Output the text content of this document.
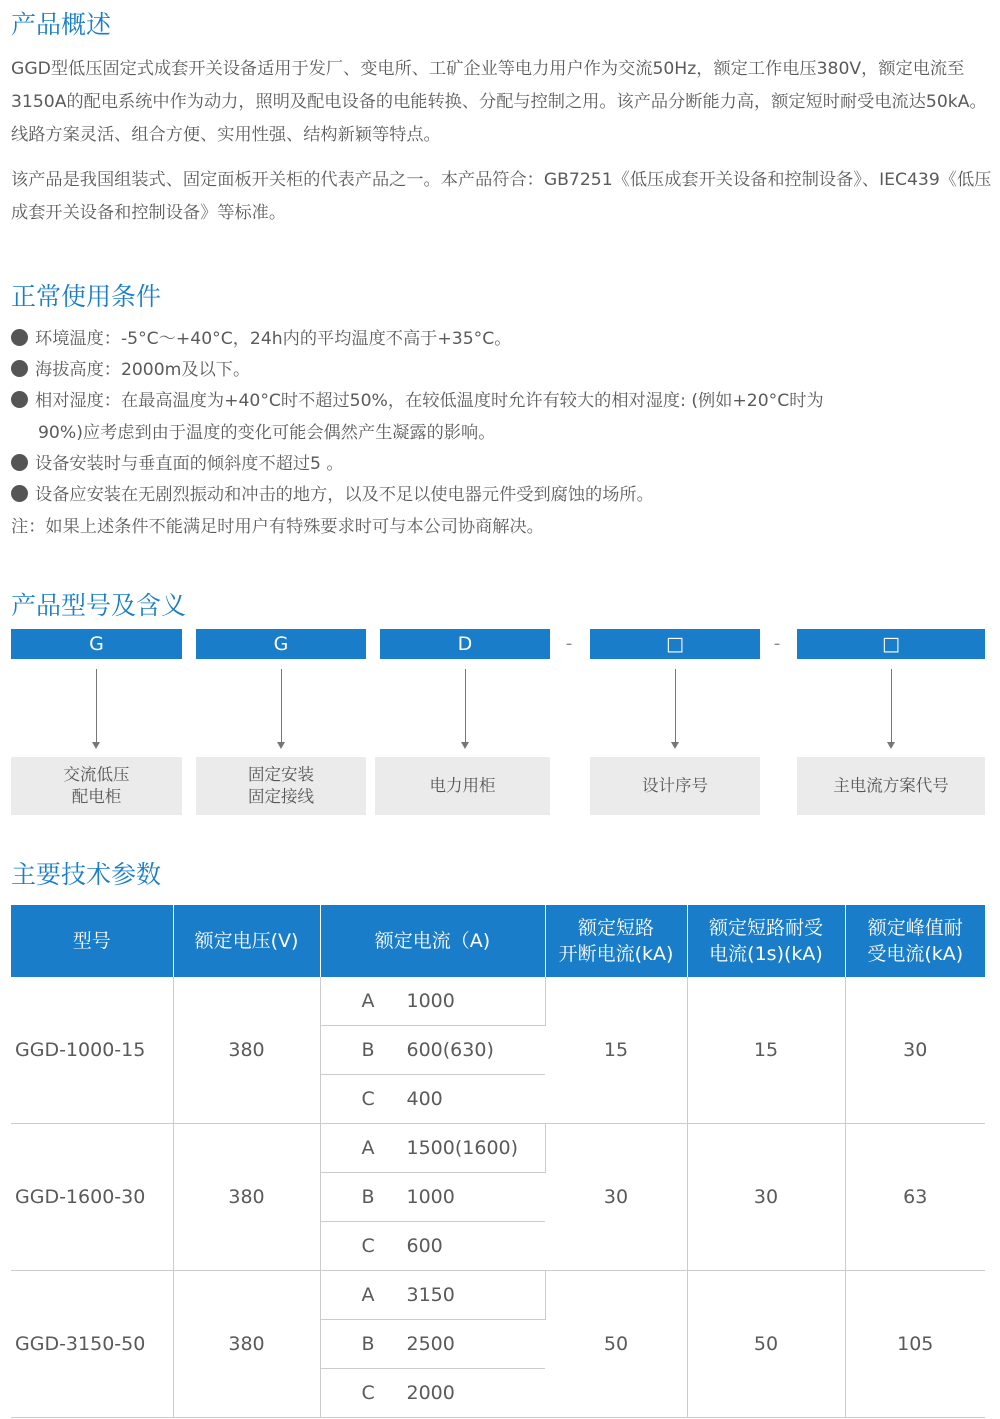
产品概述

GGD型低压固定式成套开关设备适用于发厂、变电所、工矿企业等电力用户作为交流50Hz，额定工作电压380V，额定电流至3150A的配电系统中作为动力，照明及配电设备的电能转换、分配与控制之用。该产品分断能力高，额定短时耐受电流达50kA。线路方案灵活、组合方便、实用性强、结构新颖等特点。

该产品是我国组装式、固定面板开关柜的代表产品之一。本产品符合：GB7251《低压成套开关设备和控制设备》、IEC439《低压成套开关设备和控制设备》等标准。

正常使用条件

环境温度：-5°C～+40°C，24h内的平均温度不高于+35°C。

海拔高度：2000m及以下。

相对湿度：在最高温度为+40°C时不超过50%，在较低温度时允许有较大的相对湿度: (例如+20°C时为

90%)应考虑到由于温度的变化可能会偶然产生凝露的影响。

设备安装时与垂直面的倾斜度不超过5 。

设备应安装在无剧烈振动和冲击的地方，以及不足以使电器元件受到腐蚀的场所。

注：如果上述条件不能满足时用户有特殊要求时可与本公司协商解决。

产品型号及含义
G	G	D	-	□	-	□
交流低压
配电柜
固定安装
固定接线
电力用柜	设计序号	主电流方案代号
主要技术参数
型号	额定电压(V)	额定电流（A)	额定短路
开断电流(kA)	额定短路耐受
电流(1s)(kA)	额定峰值耐
受电流(kA)
GGD-1000-15	380	A 1000	15	15	30
		B 600(630)			
		C 400			
GGD-1600-30	380	A 1500(1600)	30	30	63
		B 1000			
		C 600			
GGD-3150-50	380	A 3150	50	50	105
		B 2500			
		C 2000			
